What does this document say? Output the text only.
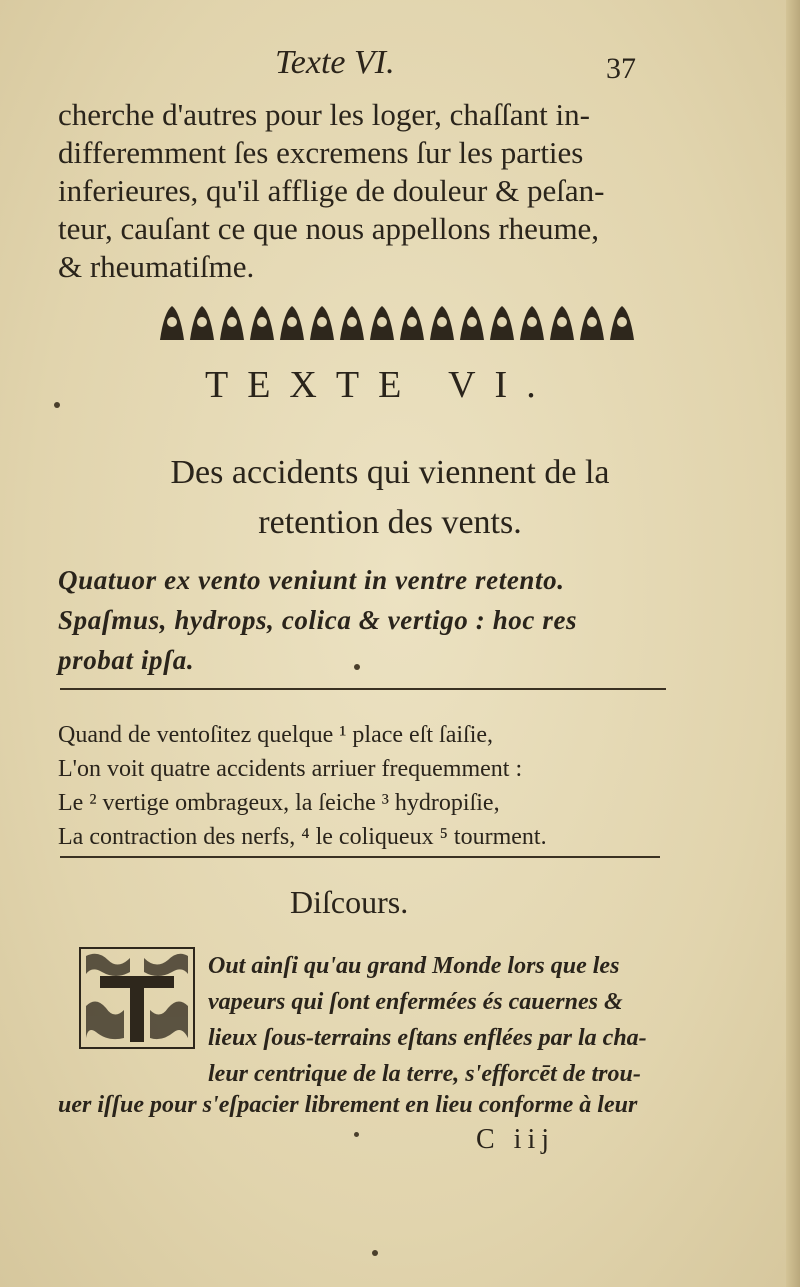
Texte VI.	37
cherche d'autres pour les loger, chaſſant in-
differemment ſes excremens ſur les parties
inferieures, qu'il afflige de douleur & peſan-
teur, cauſant ce que nous appellons rheume,
& rheumatiſme.
TEXTE VI.
Des accidents qui viennent de la
retention des vents.
Quatuor ex vento veniunt in ventre retento.
Spaſmus, hydrops, colica & vertigo : hoc res
probat ipſa.
Quand de ventoſitez quelque ¹ place eſt ſaiſie,
L'on voit quatre accidents arriuer frequemment :
Le ² vertige ombrageux, la ſeiche ³ hydropiſie,
La contraction des nerfs, ⁴ le coliqueux ⁵ tourment.
Diſcours.
Out ainſi qu'au grand Monde lors que les
vapeurs qui ſont enfermées és cauernes &
lieux ſous-terrains eſtans enflées par la cha-
leur centrique de la terre, s'efforcēt de trou-
uer iſſue pour s'eſpacier librement en lieu conforme à leur
C iij
